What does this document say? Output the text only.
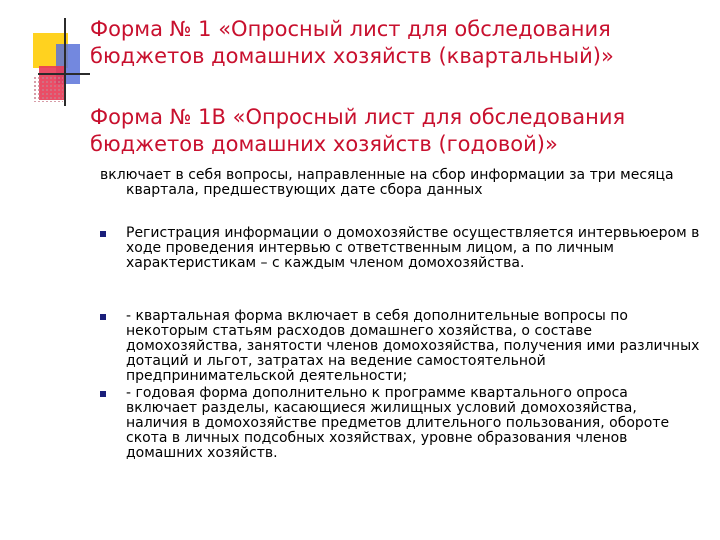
Форма № 1 «Опросный лист для обследования бюджетов домашних хозяйств (квартальный)»
Форма № 1В «Опросный лист для обследования бюджетов домашних хозяйств (годовой)»

включает в себя вопросы, направленные на сбор информации за три месяца квартала, предшествующих дате сбора данных

Регистрация информации о домохозяйстве осуществляется интервьюером в ходе проведения интервью с ответственным лицом, а по личным характеристикам – с каждым членом домохозяйства.
- квартальная форма включает в себя дополнительные вопросы по некоторым статьям расходов домашнего хозяйства, о составе домохозяйства, занятости членов домохозяйства, получения ими различных дотаций и льгот, затратах на ведение самостоятельной предпринимательской деятельности;
- годовая форма дополнительно к программе квартального опроса включает разделы, касающиеся жилищных условий домохозяйства, наличия в домохозяйстве предметов длительного пользования, обороте скота в личных подсобных хозяйствах, уровне образования членов домашних хозяйств.
